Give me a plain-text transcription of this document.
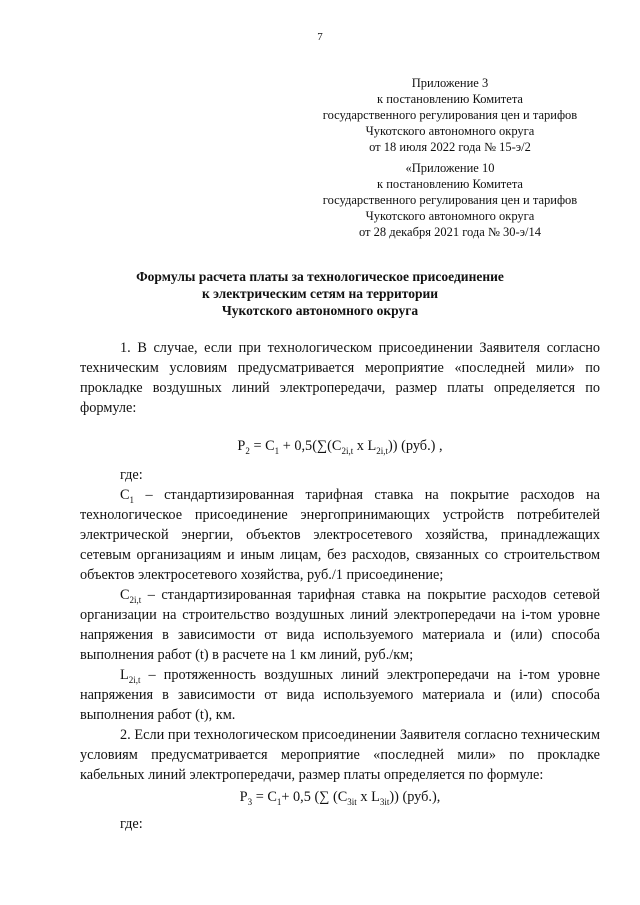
7
Приложение 3
к постановлению Комитета
государственного регулирования цен и тарифов
Чукотского автономного округа
от 18 июля 2022 года № 15-э/2
«Приложение 10
к постановлению Комитета
государственного регулирования цен и тарифов
Чукотского автономного округа
от 28 декабря 2021 года № 30-э/14
Формулы расчета платы за технологическое присоединение
к электрическим сетям на территории
Чукотского автономного округа

1. В случае, если при технологическом присоединении Заявителя согласно техническим условиям предусматривается мероприятие «последней мили» по прокладке воздушных линий электропередачи, размер платы определяется по формуле:

$P_2 = C_1 + 0,5(\sum(C_{2i,t}$ x $L_{2i,t}$)) (руб.) ,

где:

$C_1$ – стандартизированная тарифная ставка на покрытие расходов на технологическое присоединение энергопринимающих устройств потребителей электрической энергии, объектов электросетевого хозяйства, принадлежащих сетевым организациям и иным лицам, без расходов, связанных со строительством объектов электросетевого хозяйства, руб./1 присоединение;

$C_{2i,t}$ – стандартизированная тарифная ставка на покрытие расходов сетевой организации на строительство воздушных линий электропередачи на i-том уровне напряжения в зависимости от вида используемого материала и (или) способа выполнения работ (t) в расчете на 1 км линий, руб./км;

$L_{2i,t}$ – протяженность воздушных линий электропередачи на i-том уровне напряжения в зависимости от вида используемого материала и (или) способа выполнения работ (t), км.

2. Если при технологическом присоединении Заявителя согласно техническим условиям предусматривается мероприятие «последней мили» по прокладке кабельных линий электропередачи, размер платы определяется по формуле:

$P_3 = C_1+ 0,5$ (∑ ($C_{3it}$ x $L_{3it}$)) (руб.),

где:
